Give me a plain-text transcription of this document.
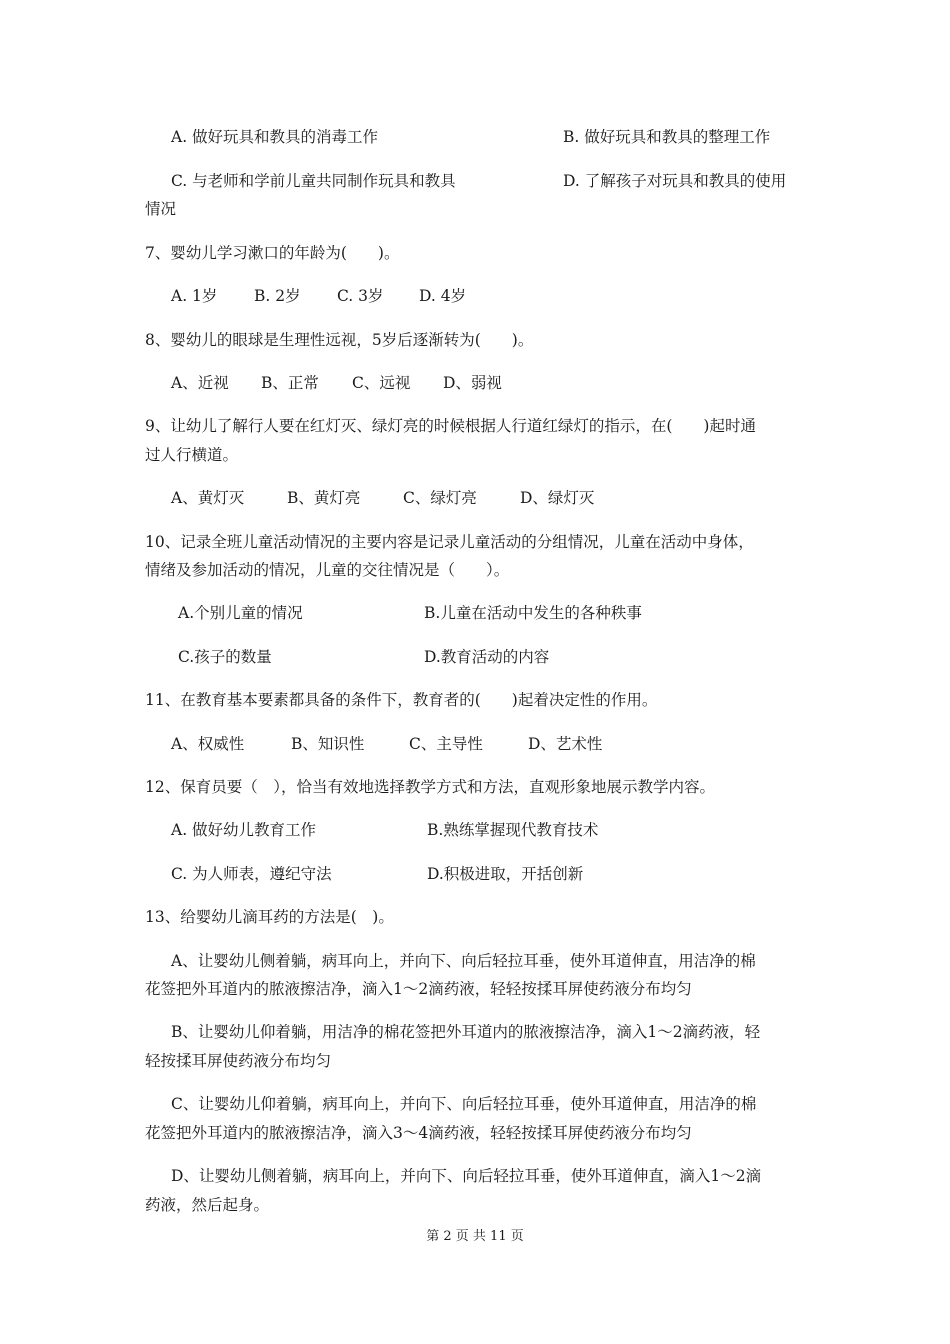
A. 做好玩具和教具的消毒工作	B. 做好玩具和教具的整理工作
C. 与老师和学前儿童共同制作玩具和教具	D. 了解孩子对玩具和教具的使用
情况
7、婴幼儿学习漱口的年龄为(　　)。
A. 1岁 B. 2岁 C. 3岁 D. 4岁
8、婴幼儿的眼球是生理性远视，5岁后逐渐转为(　　)。
A、近视 B、正常 C、远视 D、弱视
9、让幼儿了解行人要在红灯灭、绿灯亮的时候根据人行道红绿灯的指示，在(　　)起时通
过人行横道。
A、黄灯灭	B、黄灯亮	C、绿灯亮	D、绿灯灭
10、记录全班儿童活动情况的主要内容是记录儿童活动的分组情况，儿童在活动中身体，
情绪及参加活动的情况，儿童的交往情况是（　　）。
A.个别儿童的情况	B.儿童在活动中发生的各种秩事
C.孩子的数量	D.教育活动的内容
11、在教育基本要素都具备的条件下，教育者的(　　)起着决定性的作用。
A、权威性	B、知识性	C、主导性	D、艺术性
12、保育员要（　），恰当有效地选择教学方式和方法，直观形象地展示教学内容。
A. 做好幼儿教育工作	B.熟练掌握现代教育技术
C. 为人师表，遵纪守法	D.积极进取，开括创新
13、给婴幼儿滴耳药的方法是(　)。
A、让婴幼儿侧着躺，病耳向上，并向下、向后轻拉耳垂，使外耳道伸直，用洁净的棉
花签把外耳道内的脓液擦洁净，滴入1～2滴药液，轻轻按揉耳屏使药液分布均匀
B、让婴幼儿仰着躺，用洁净的棉花签把外耳道内的脓液擦洁净，滴入1～2滴药液，轻
轻按揉耳屏使药液分布均匀
C、让婴幼儿仰着躺，病耳向上，并向下、向后轻拉耳垂，使外耳道伸直，用洁净的棉
花签把外耳道内的脓液擦洁净，滴入3～4滴药液，轻轻按揉耳屏使药液分布均匀
D、让婴幼儿侧着躺，病耳向上，并向下、向后轻拉耳垂，使外耳道伸直，滴入1～2滴
药液，然后起身。
第 2 页 共 11 页
